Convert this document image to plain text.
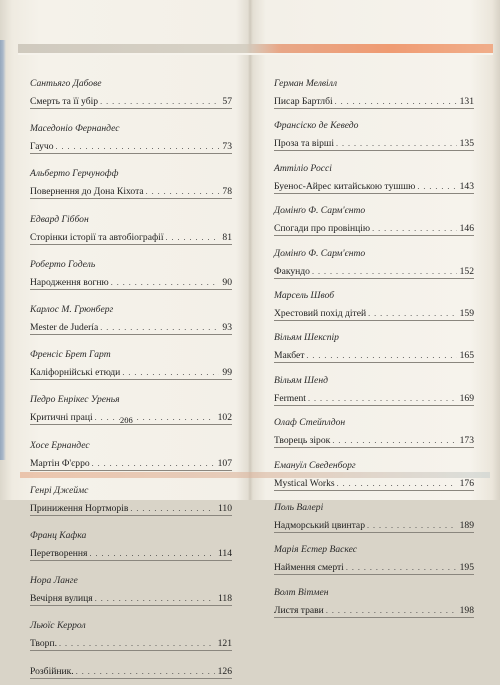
Сантьяго Дабове
Смерть та її убір . . .	57
Маседоніо Фернандес
Гаучо . . .	73
Альберто Герчунофф
Повернення до Дона Кіхота . . .	78
Едвард Гіббон
Сторінки історії та автобіографії . . .	81
Роберто Годель
Народження вогню . . .	90
Карлос М. Грюнберг
Mester de Judería . . .	93
Френсіс Брет Гарт
Каліфорнійські етюди . . .	99
Педро Енрікес Уренья
Критичні праці . . .	102
Хосе Ернандес
Мартін Ф'єрро . . .	107
Генрі Джеймс
Приниження Нортморів . . .	110
Франц Кафка
Перетворення . . .	114
Нора Ланге
Вечірня вулиця . . .	118
Льюїс Керрол
Творп. . . .	121
Розбійник. . . .	126
206
Герман Мелвілл
Писар Бартлбі . . .	131
Франсіско де Кеведо
Проза та вірші . . .	135
Аттіліо Россі
Буенос-Айрес китайською тушшю . . .	143
Домінґо Ф. Сарм'єнто
Спогади про провінцію . . .	146
Домінґо Ф. Сарм'єнто
Факундо . . .	152
Марсель Швоб
Хрестовий похід дітей . . .	159
Вільям Шекспір
Макбет . . .	165
Вільям Шенд
Ferment . . .	169
Олаф Стейплдон
Творець зірок . . .	173
Емануїл Сведенборг
Mystical Works . . .	176
Поль Валері
Надморський цвинтар . . .	189
Марія Естер Васкес
Наймення смерті . . .	195
Волт Вітмен
Листя трави . . .	198
